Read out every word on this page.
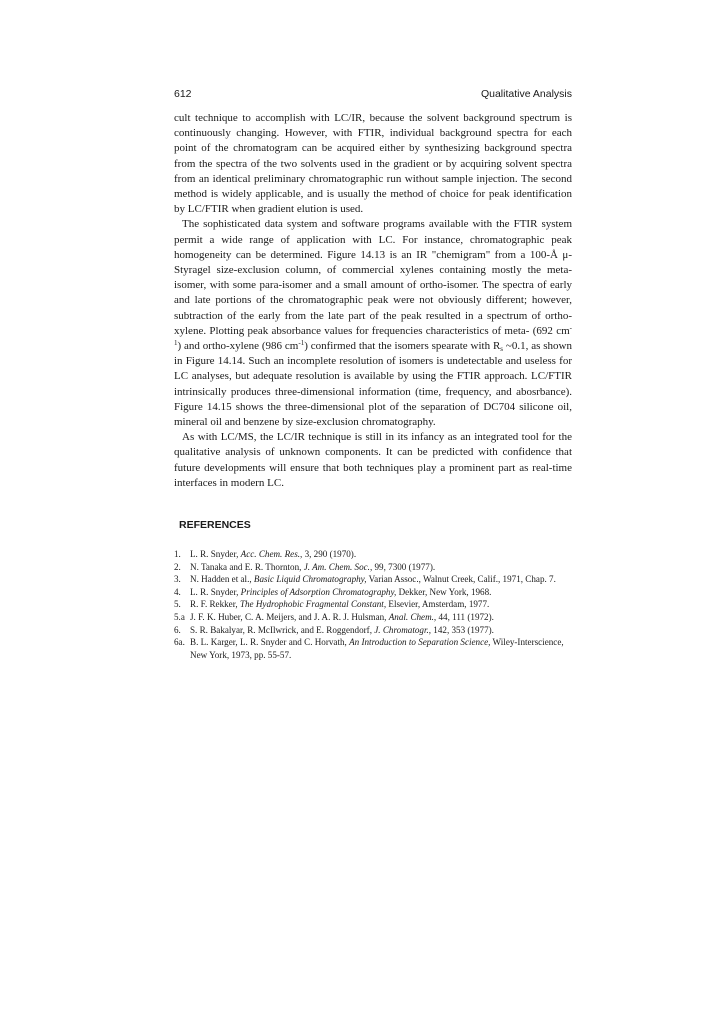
612	Qualitative Analysis

cult technique to accomplish with LC/IR, because the solvent background spectrum is continuously changing. However, with FTIR, individual background spectra for each point of the chromatogram can be acquired either by synthesizing background spectra from the spectra of the two solvents used in the gradient or by acquiring solvent spectra from an identical preliminary chromatographic run without sample injection. The second method is widely applicable, and is usually the method of choice for peak identification by LC/FTIR when gradient elution is used.

The sophisticated data system and software programs available with the FTIR system permit a wide range of application with LC. For instance, chromatographic peak homogeneity can be determined. Figure 14.13 is an IR "chemigram" from a 100-Å μ-Styragel size-exclusion column, of commercial xylenes containing mostly the meta-isomer, with some para-isomer and a small amount of ortho-isomer. The spectra of early and late portions of the chromatographic peak were not obviously different; however, subtraction of the early from the late part of the peak resulted in a spectrum of ortho-xylene. Plotting peak absorbance values for frequencies characteristics of meta- (692 $cm^{-1}$) and ortho-xylene (986 $cm^{-1}$) confirmed that the isomers spearate with $R_s$ ~0.1, as shown in Figure 14.14. Such an incomplete resolution of isomers is undetectable and useless for LC analyses, but adequate resolution is available by using the FTIR approach. LC/FTIR intrinsically produces three-dimensional information (time, frequency, and abosrbance). Figure 14.15 shows the three-dimensional plot of the separation of DC704 silicone oil, mineral oil and benzene by size-exclusion chromatography.

As with LC/MS, the LC/IR technique is still in its infancy as an integrated tool for the qualitative analysis of unknown components. It can be predicted with confidence that future developments will ensure that both techniques play a prominent part as real-time interfaces in modern LC.

REFERENCES
1.	L. R. Snyder, Acc. Chem. Res., 3, 290 (1970).
2.	N. Tanaka and E. R. Thornton, J. Am. Chem. Soc., 99, 7300 (1977).
3.	N. Hadden et al., Basic Liquid Chromatography, Varian Assoc., Walnut Creek, Calif., 1971, Chap. 7.
4.	L. R. Snyder, Principles of Adsorption Chromatography, Dekker, New York, 1968.
5.	R. F. Rekker, The Hydrophobic Fragmental Constant, Elsevier, Amsterdam, 1977.
5.a J. F. K. Huber, C. A. Meijers, and J. A. R. J. Hulsman, Anal. Chem., 44, 111 (1972).
6.	S. R. Bakalyar, R. McIlwrick, and E. Roggendorf, J. Chromatogr., 142, 353 (1977).
6a. B. L. Karger, L. R. Snyder and C. Horvath, An Introduction to Separation Science, Wiley-Interscience, New York, 1973, pp. 55-57.
